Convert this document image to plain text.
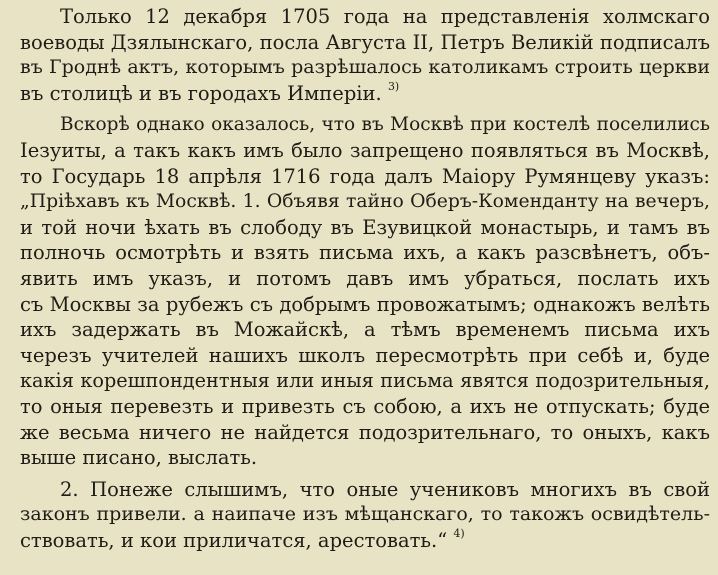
Только 12 декабря 1705 года на представленія холмскаго
воеводы Дзялынскаго, посла Августа II, Петръ Великій подписалъ
въ Гроднѣ актъ, которымъ разрѣшалось католикамъ строить церкви
въ столицѣ и въ городахъ Имперіи. $^{3)}$
Вскорѣ однако оказалось, что въ Москвѣ при костелѣ поселились
Іезуиты, а такъ какъ имъ было запрещено появляться въ Москвѣ,
то Государь 18 апрѣля 1716 года далъ Маіору Румянцеву указъ:
„Пріѣхавъ къ Москвѣ. 1. Объявя тайно Оберъ-Коменданту на вечеръ,
и той ночи ѣхать въ слободу въ Езувицкой монастырь, и тамъ въ
полночь осмотрѣть и взять письма ихъ, а какъ разсвѣнетъ, объ-
явить имъ указъ, и потомъ давъ имъ убраться, послать ихъ
съ Москвы за рубежъ съ добрымъ провожатымъ; однакожъ велѣть
ихъ задержать въ Можайскѣ, а тѣмъ временемъ письма ихъ
черезъ учителей нашихъ школъ пересмотрѣть при себѣ и, буде
какія корешпондентныя или иныя письма явятся подозрительныя,
то оныя перевезть и привезть съ собою, а ихъ не отпускать; буде
же весьма ничего не найдется подозрительнаго, то оныхъ, какъ
выше писано, выслать.
2. Понеже слышимъ, что оные учениковъ многихъ въ свой
законъ привели. а наипаче изъ мѣщанскаго, то такожъ освидѣтель-
ствовать, и кои приличатся, арестовать.“ $^{4)}$
